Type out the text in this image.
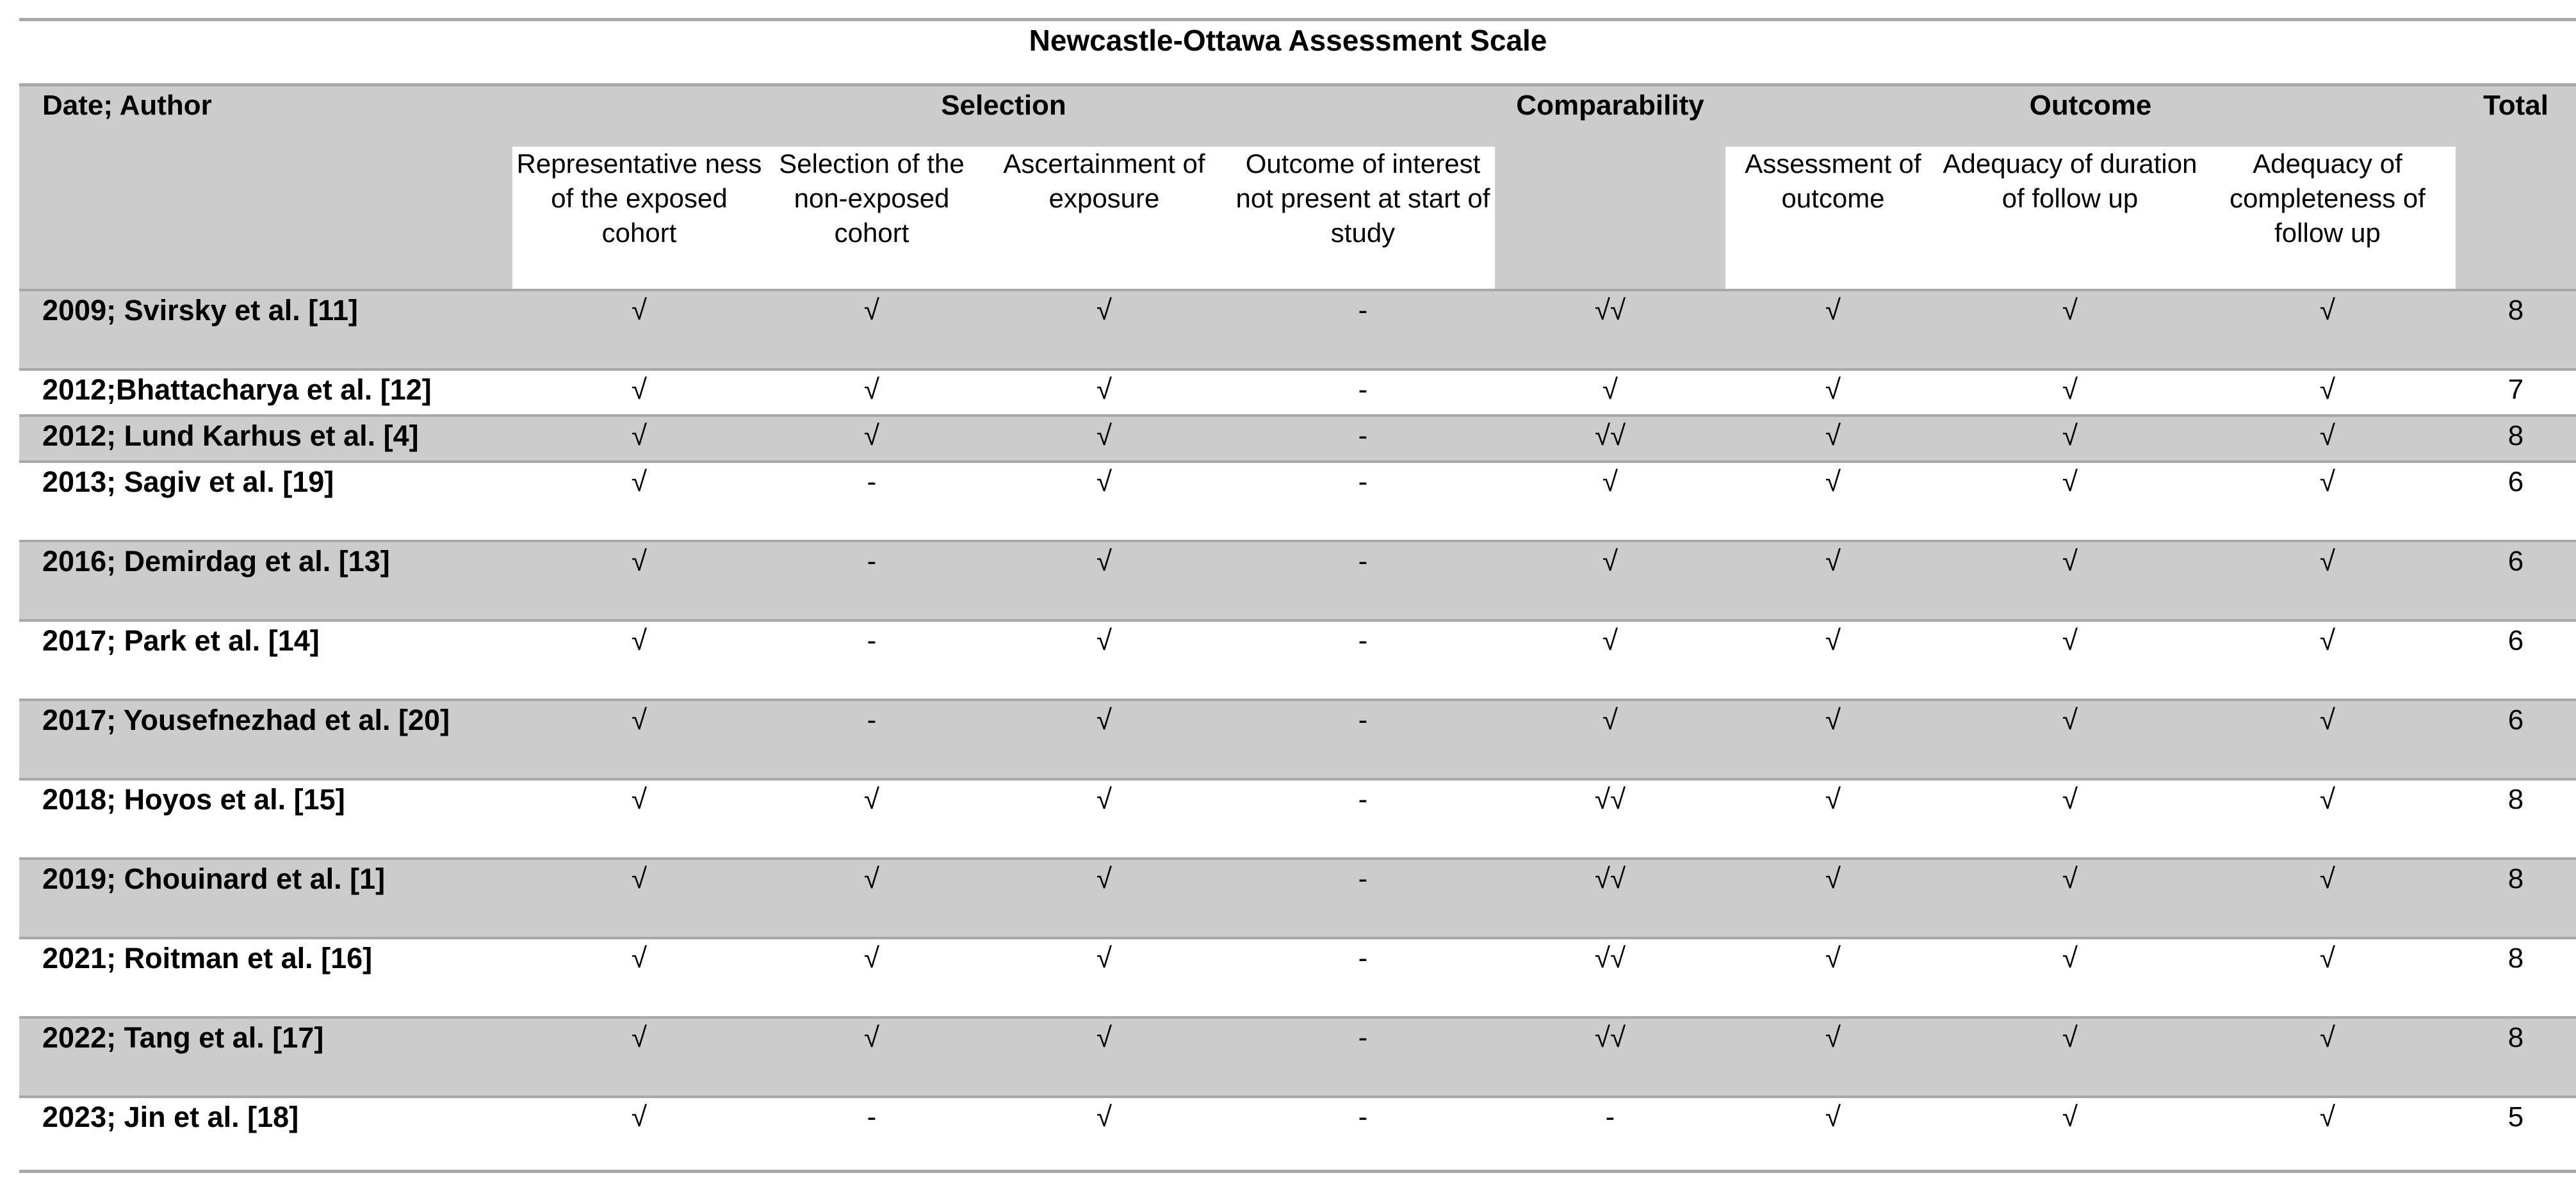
Newcastle-Ottawa Assessment Scale
Date; Author	Selection				Comparability	Outcome			Total
	Representative ness of the exposed cohort	Selection of the non-exposed cohort	Ascertainment of exposure	Outcome of interest not present at start of study		Assessment of outcome	Adequacy of duration of follow up	Adequacy of completeness of follow up	
2009; Svirsky et al. [11]	√	√	√	-	√√	√	√	√	8
2012;Bhattacharya et al. [12]	√	√	√	-	√	√	√	√	7
2012; Lund Karhus et al. [4]	√	√	√	-	√√	√	√	√	8
2013; Sagiv et al. [19]	√	-	√	-	√	√	√	√	6
2016; Demirdag et al. [13]	√	-	√	-	√	√	√	√	6
2017; Park et al. [14]	√	-	√	-	√	√	√	√	6
2017; Yousefnezhad et al. [20]	√	-	√	-	√	√	√	√	6
2018; Hoyos et al. [15]	√	√	√	-	√√	√	√	√	8
2019; Chouinard et al. [1]	√	√	√	-	√√	√	√	√	8
2021; Roitman et al. [16]	√	√	√	-	√√	√	√	√	8
2022; Tang et al. [17]	√	√	√	-	√√	√	√	√	8
2023; Jin et al. [18]	√	-	√	-	-	√	√	√	5
